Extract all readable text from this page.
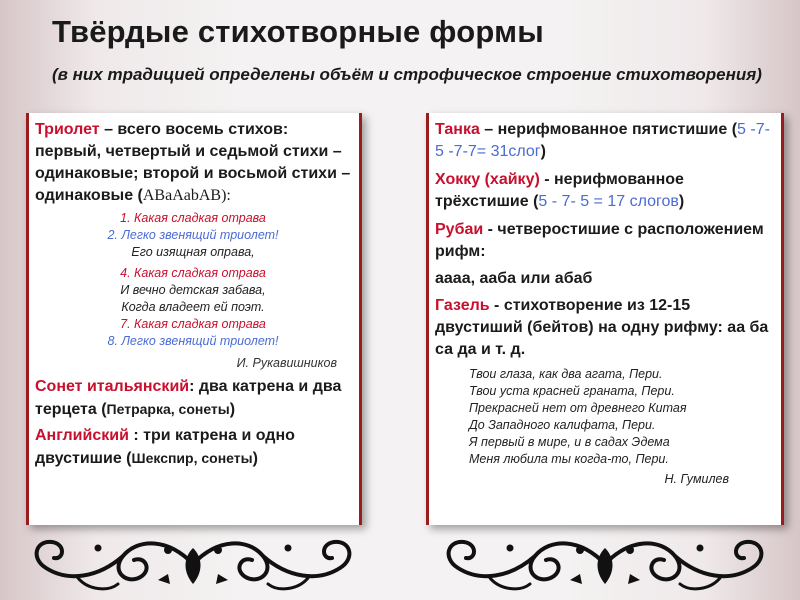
Твёрдые стихотворные формы

(в них традицией определены объём и строфическое строение стихотворения)

Триолет – всего восемь стихов: первый, четвертый и седьмой стихи – одинаковые; второй и восьмой стихи – одинаковые (ABaAabAB):

1. Какая сладкая отрава
2. Легко звенящий триолет!
Его изящная оправа,
4. Какая сладкая отрава
И вечно детская забава,
Когда владеет ей поэт.
7. Какая сладкая отрава
8. Легко звенящий триолет!
И. Рукавишников

Сонет итальянский: два катрена и два терцета (Петрарка, сонеты)

Английский : три катрена и одно двустишие (Шекспир, сонеты)

Танка – нерифмованное пятистишие (5 -7- 5 -7-7= 31слог)

Хокку (хайку) - нерифмованное трёхстишие (5 - 7- 5 = 17 слогов)

Рубаи - четверостишие с расположением рифм:

аааа, ааба или абаб

Газель - стихотворение из 12-15 двустиший (бейтов) на одну рифму: аа ба са да и т. д.

Твои глаза, как два агата, Пери.
Твои уста красней граната, Пери.
Прекрасней нет от древнего Китая
До Западного калифата, Пери.
Я первый в мире, и в садах Эдема
Меня любила ты когда-то, Пери.
Н. Гумилев
